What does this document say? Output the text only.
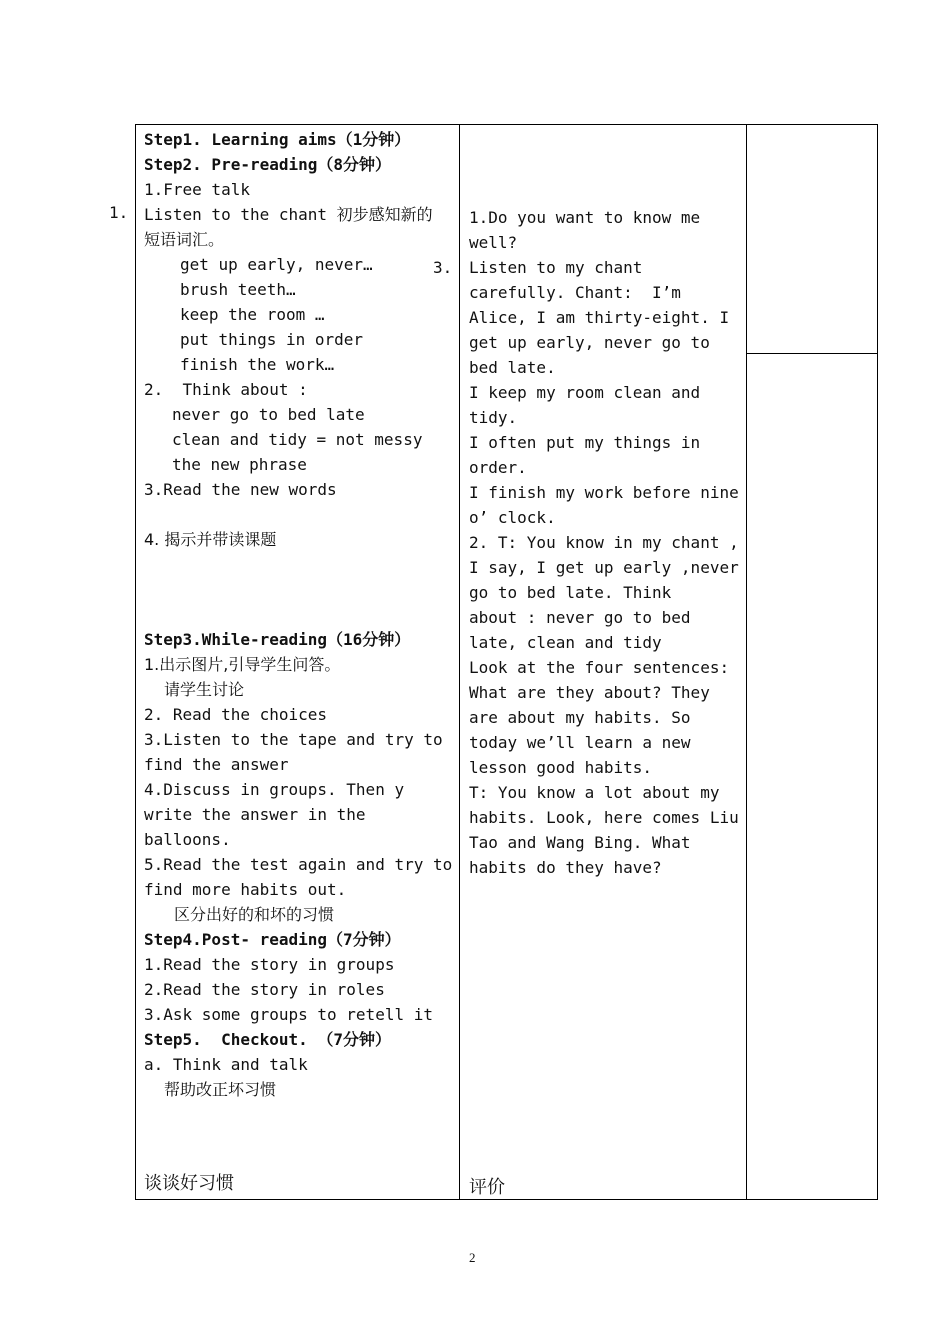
1.
3.
Step1. Learning aims（1分钟）
Step2. Pre-reading（8分钟）
1.Free talk
Listen to the chant 初步感知新的
短语词汇。
get up early, never…
brush teeth…
keep the room …
put things in order
finish the work…
2.  Think about :
never go to bed late
clean and tidy = not messy
the new phrase
3.Read the new words
4. 揭示并带读课题
Step3.While-reading（16分钟）
1.出示图片,引导学生问答。
请学生讨论
2. Read the choices
3.Listen to the tape and try to
find the answer
4.Discuss in groups. Then y
write the answer in the
balloons.
5.Read the test again and try to
find more habits out.
区分出好的和坏的习惯
Step4.Post- reading（7分钟）
1.Read the story in groups
2.Read the story in roles
3.Ask some groups to retell it
Step5.  Checkout. （7分钟）
a. Think and talk
帮助改正坏习惯
1.Do you want to know me
well?
Listen to my chant
carefully. Chant:  I’m
Alice, I am thirty-eight. I
get up early, never go to
bed late.
I keep my room clean and
tidy.
I often put my things in
order.
I finish my work before nine
o’ clock.
2. T: You know in my chant ,
I say, I get up early ,never
go to bed late. Think
about : never go to bed
late, clean and tidy
Look at the four sentences:
What are they about? They
are about my habits. So
today we’ll learn a new
lesson good habits.
T: You know a lot about my
habits. Look, here comes Liu
Tao and Wang Bing. What
habits do they have?
谈谈好习惯	评价
2
